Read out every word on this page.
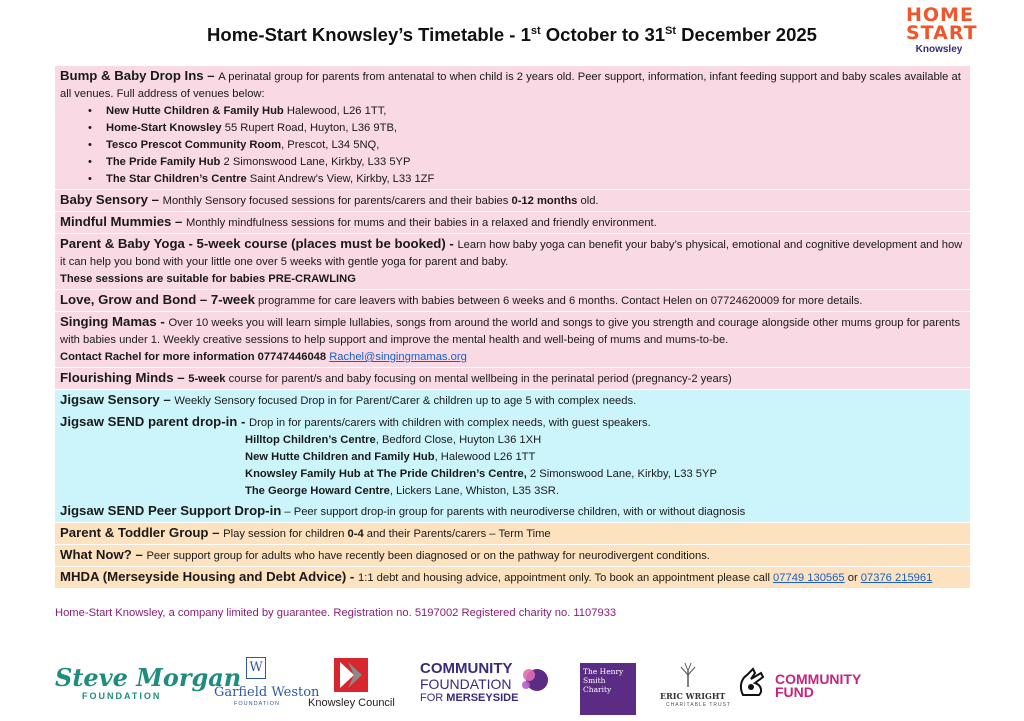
Home-Start Knowsley’s Timetable - 1st October to 31St December 2025
HOME
START
Knowsley
Bump & Baby Drop Ins – A perinatal group for parents from antenatal to when child is 2 years old. Peer support, information, infant feeding support and baby scales available at all venues. Full address of venues below:
• New Hutte Children & Family Hub Halewood, L26 1TT,
• Home-Start Knowsley 55 Rupert Road, Huyton, L36 9TB,
• Tesco Prescot Community Room, Prescot, L34 5NQ,
• The Pride Family Hub 2 Simonswood Lane, Kirkby, L33 5YP
• The Star Children’s Centre Saint Andrew's View, Kirkby, L33 1ZF
Baby Sensory – Monthly Sensory focused sessions for parents/carers and their babies 0-12 months old.
Mindful Mummies – Monthly mindfulness sessions for mums and their babies in a relaxed and friendly environment.
Parent & Baby Yoga - 5-week course (places must be booked) - Learn how baby yoga can benefit your baby’s physical, emotional and cognitive development and how it can help you bond with your little one over 5 weeks with gentle yoga for parent and baby.
These sessions are suitable for babies PRE-CRAWLING
Love, Grow and Bond – 7-week programme for care leavers with babies between 6 weeks and 6 months. Contact Helen on 07724620009 for more details.
Singing Mamas - Over 10 weeks you will learn simple lullabies, songs from around the world and songs to give you strength and courage alongside other mums group for parents with babies under 1. Weekly creative sessions to help support and improve the mental health and well-being of mums and mums-to-be.
Contact Rachel for more information 07747446048 Rachel@singingmamas.org
Flourishing Minds – 5-week course for parent/s and baby focusing on mental wellbeing in the perinatal period (pregnancy-2 years)
Jigsaw Sensory – Weekly Sensory focused Drop in for Parent/Carer & children up to age 5 with complex needs.
Jigsaw SEND parent drop-in - Drop in for parents/carers with children with complex needs, with guest speakers.
Hilltop Children’s Centre, Bedford Close, Huyton L36 1XH
New Hutte Children and Family Hub, Halewood L26 1TT
Knowsley Family Hub at The Pride Children’s Centre, 2 Simonswood Lane, Kirkby, L33 5YP
The George Howard Centre, Lickers Lane, Whiston, L35 3SR.
Jigsaw SEND Peer Support Drop-in – Peer support drop-in group for parents with neurodiverse children, with or without diagnosis
Parent & Toddler Group – Play session for children 0-4 and their Parents/carers – Term Time
What Now? – Peer support group for adults who have recently been diagnosed or on the pathway for neurodivergent conditions.
MHDA (Merseyside Housing and Debt Advice) - 1:1 debt and housing advice, appointment only. To book an appointment please call 07749 130565 or 07376 215961
Home-Start Knowsley, a company limited by guarantee. Registration no. 5197002 Registered charity no. 1107933
Steve Morgan
FOUNDATION
W
Garfield Weston
FOUNDATION	Knowsley Council
COMMUNITY
FOUNDATION
FOR MERSEYSIDE
The Henry Smith Charity
ERIC WRIGHT
CHARITABLE TRUST
COMMUNITY
FUND
